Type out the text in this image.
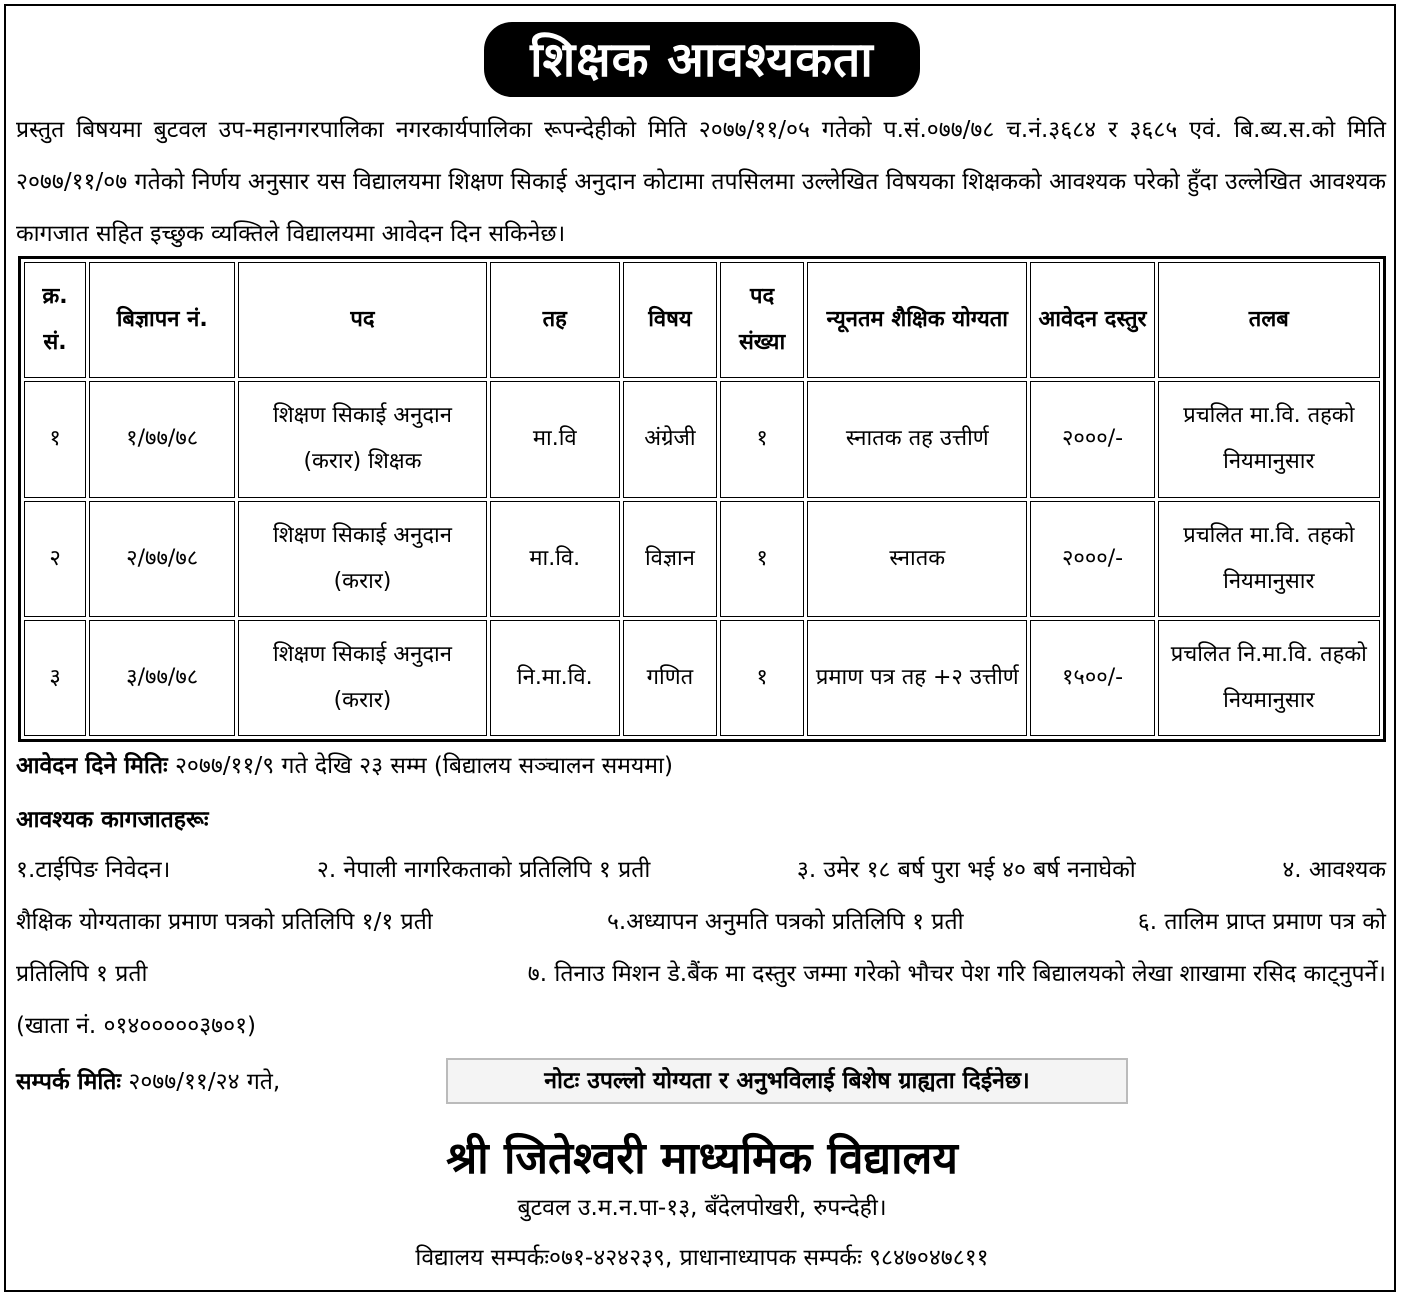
शिक्षक आवश्यकता
प्रस्तुत बिषयमा बुटवल उप-महानगरपालिका नगरकार्यपालिका रूपन्देहीको मिति २०७७/११/०५ गतेको प.सं.०७७/७८ च.नं.३६८४ र ३६८५ एवं. बि.ब्य.स.को मिति २०७७/११/०७ गतेको निर्णय अनुसार यस विद्यालयमा शिक्षण सिकाई अनुदान कोटामा तपसिलमा उल्लेखित विषयका शिक्षकको आवश्यक परेको हुँदा उल्लेखित आवश्यक कागजात सहित इच्छुक व्यक्तिले विद्यालयमा आवेदन दिन सकिनेछ।
क्र. सं.	बिज्ञापन नं.	पद	तह	विषय	पद संख्या	न्यूनतम शैक्षिक योग्यता	आवेदन दस्तुर	तलब
१	१/७७/७८	शिक्षण सिकाई अनुदान (करार) शिक्षक	मा.वि	अंग्रेजी	१	स्नातक तह उत्तीर्ण	२०००/-	प्रचलित मा.वि. तहको नियमानुसार
२	२/७७/७८	शिक्षण सिकाई अनुदान (करार)	मा.वि.	विज्ञान	१	स्नातक	२०००/-	प्रचलित मा.वि. तहको नियमानुसार
३	३/७७/७८	शिक्षण सिकाई अनुदान (करार)	नि.मा.वि.	गणित	१	प्रमाण पत्र तह +२ उत्तीर्ण	१५००/-	प्रचलित नि.मा.वि. तहको नियमानुसार
आवेदन दिने मितिः २०७७/११/९ गते देखि २३ सम्म (बिद्यालय सञ्चालन समयमा)
आवश्यक कागजातहरूः
१.टाईपिङ निवेदन।	२. नेपाली नागरिकताको प्रतिलिपि १ प्रती	३. उमेर १८ बर्ष पुरा भई ४० बर्ष ननाघेको	४. आवश्यक
शैक्षिक योग्यताका प्रमाण पत्रको प्रतिलिपि १/१ प्रती	५.अध्यापन अनुमति पत्रको प्रतिलिपि १ प्रती	६. तालिम प्राप्त प्रमाण पत्र को
प्रतिलिपि १ प्रती	७. तिनाउ मिशन डे.बैंक मा दस्तुर जम्मा गरेको भौचर पेश गरि बिद्यालयको लेखा शाखामा रसिद काट्नुपर्ने।
(खाता नं. ०१४०००००३७०१)
सम्पर्क मितिः २०७७/११/२४ गते,	नोटः उपल्लो योग्यता र अनुभविलाई बिशेष ग्राह्यता दिईनेछ।
श्री जितेश्वरी माध्यमिक विद्यालय
बुटवल उ.म.न.पा-१३, बँदेलपोखरी, रुपन्देही।
विद्यालय सम्पर्कः०७१-४२४२३९, प्राधानाध्यापक सम्पर्कः ९८४७०४७८११
